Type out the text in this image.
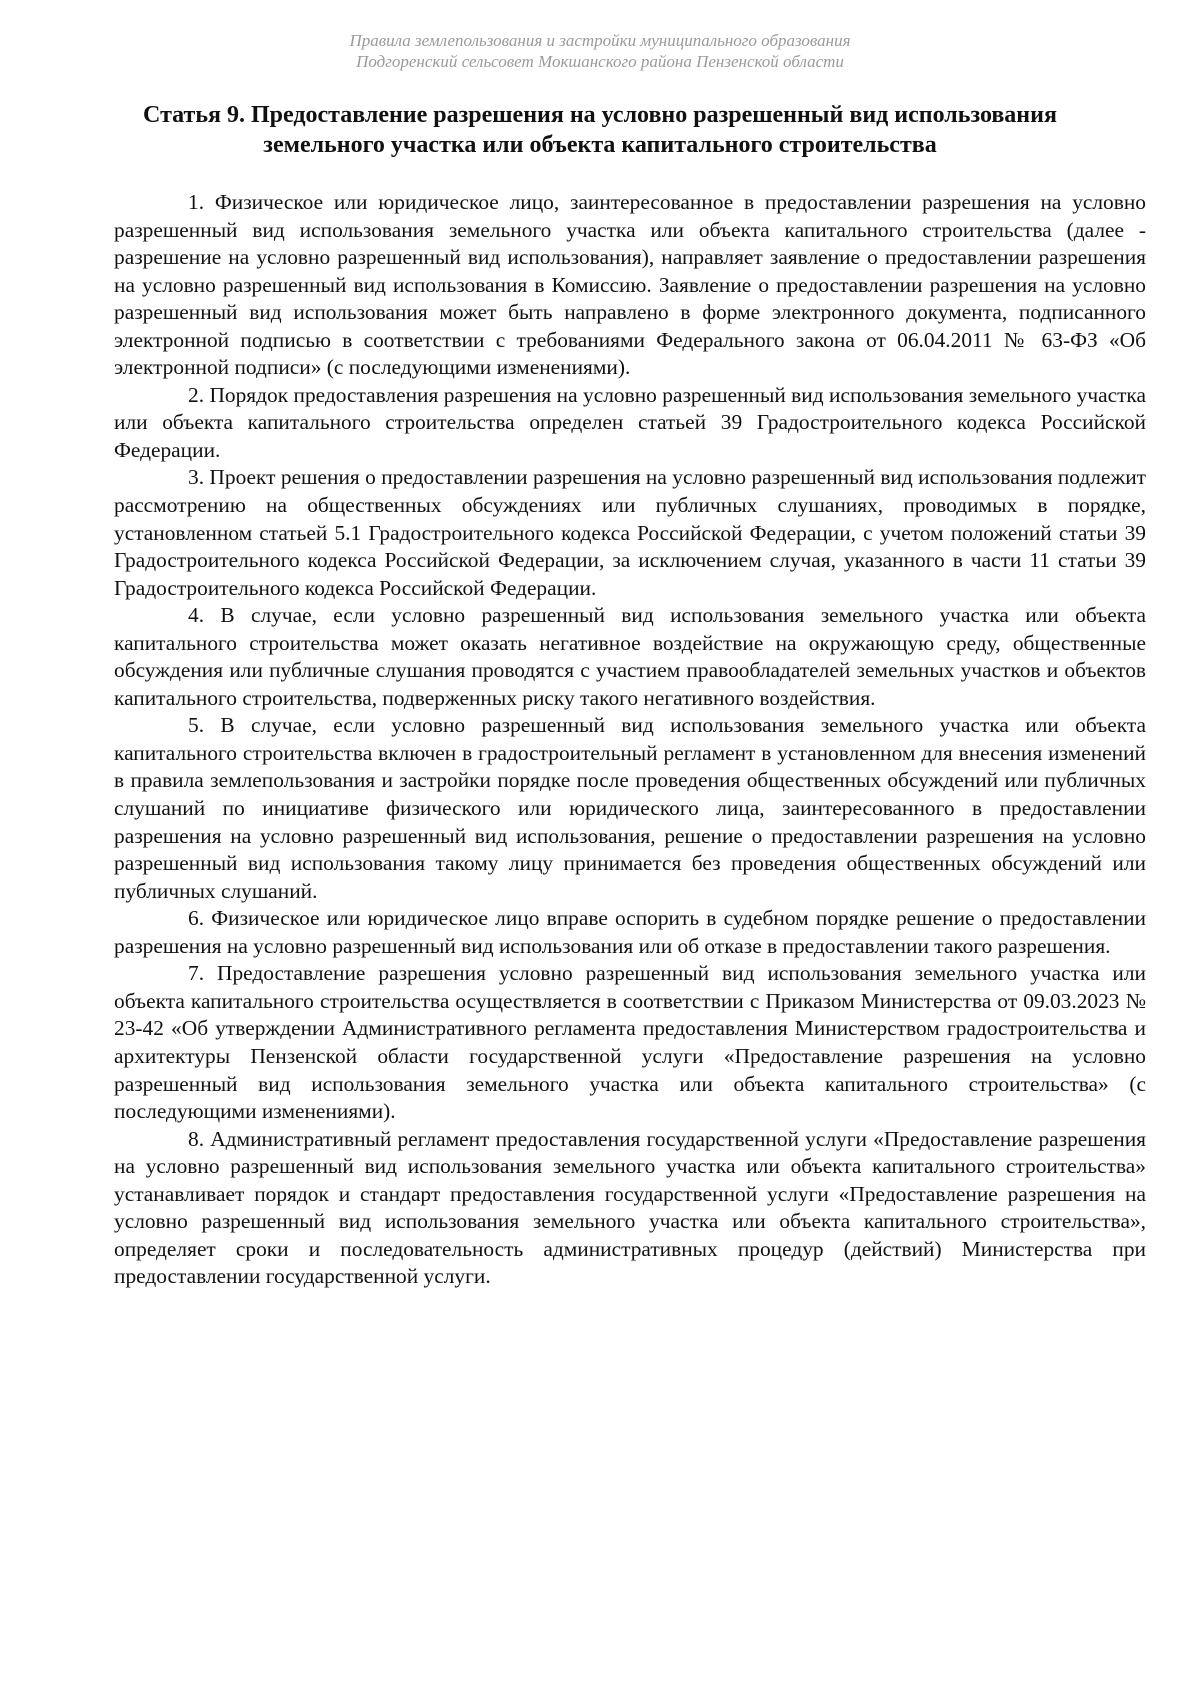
Правила землепользования и застройки муниципального образования
Подгоренский сельсовет Мокшанского района Пензенской области
Статья 9. Предоставление разрешения на условно разрешенный вид использования
земельного участка или объекта капитального строительства

1. Физическое или юридическое лицо, заинтересованное в предоставлении разрешения на условно разрешенный вид использования земельного участка или объекта капитального строительства (далее - разрешение на условно разрешенный вид использования), направляет заявление о предоставлении разрешения на условно разрешенный вид использования в Комиссию. Заявление о предоставлении разрешения на условно разрешенный вид использования может быть направлено в форме электронного документа, подписанного электронной подписью в соответствии с требованиями Федерального закона от 06.04.2011 № 63-ФЗ «Об электронной подписи» (с последующими изменениями).

2. Порядок предоставления разрешения на условно разрешенный вид использования земельного участка или объекта капитального строительства определен статьей 39 Градостроительного кодекса Российской Федерации.

3. Проект решения о предоставлении разрешения на условно разрешенный вид использования подлежит рассмотрению на общественных обсуждениях или публичных слушаниях, проводимых в порядке, установленном статьей 5.1 Градостроительного кодекса Российской Федерации, с учетом положений статьи 39 Градостроительного кодекса Российской Федерации, за исключением случая, указанного в части 11 статьи 39 Градостроительного кодекса Российской Федерации.

4. В случае, если условно разрешенный вид использования земельного участка или объекта капитального строительства может оказать негативное воздействие на окружающую среду, общественные обсуждения или публичные слушания проводятся с участием правообладателей земельных участков и объектов капитального строительства, подверженных риску такого негативного воздействия.

5. В случае, если условно разрешенный вид использования земельного участка или объекта капитального строительства включен в градостроительный регламент в установленном для внесения изменений в правила землепользования и застройки порядке после проведения общественных обсуждений или публичных слушаний по инициативе физического или юридического лица, заинтересованного в предоставлении разрешения на условно разрешенный вид использования, решение о предоставлении разрешения на условно разрешенный вид использования такому лицу принимается без проведения общественных обсуждений или публичных слушаний.

6. Физическое или юридическое лицо вправе оспорить в судебном порядке решение о предоставлении разрешения на условно разрешенный вид использования или об отказе в предоставлении такого разрешения.

7. Предоставление разрешения условно разрешенный вид использования земельного участка или объекта капитального строительства осуществляется в соответствии с Приказом Министерства от 09.03.2023 № 23-42 «Об утверждении Административного регламента предоставления Министерством градостроительства и архитектуры Пензенской области государственной услуги «Предоставление разрешения на условно разрешенный вид использования земельного участка или объекта капитального строительства» (с последующими изменениями).

8. Административный регламент предоставления государственной услуги «Предоставление разрешения на условно разрешенный вид использования земельного участка или объекта капитального строительства» устанавливает порядок и стандарт предоставления государственной услуги «Предоставление разрешения на условно разрешенный вид использования земельного участка или объекта капитального строительства», определяет сроки и последовательность административных процедур (действий) Министерства при предоставлении государственной услуги.
